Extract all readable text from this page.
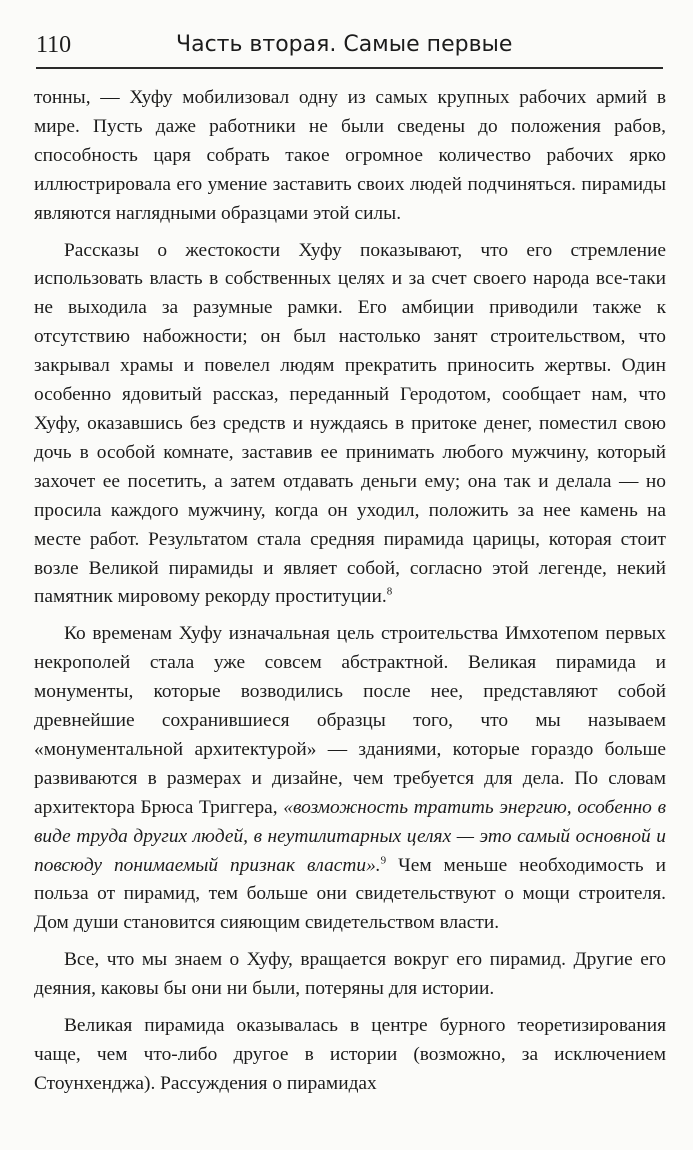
110	Часть вторая. Самые первые

тонны, — Хуфу мобилизовал одну из самых крупных рабочих армий в мире. Пусть даже работники не были сведены до положения рабов, способность царя собрать такое огромное количество рабочих ярко иллюстрировала его умение заставить своих людей подчиняться. пирамиды являются наглядными образцами этой силы.

Рассказы о жестокости Хуфу показывают, что его стремление использовать власть в собственных целях и за счет своего народа все-таки не выходила за разумные рамки. Его амбиции приводили также к отсутствию набожности; он был настолько занят строительством, что закрывал храмы и повелел людям прекратить приносить жертвы. Один особенно ядовитый рассказ, переданный Геродотом, сообщает нам, что Хуфу, оказавшись без средств и нуждаясь в притоке денег, поместил свою дочь в особой комнате, заставив ее принимать любого мужчину, который захочет ее посетить, а затем отдавать деньги ему; она так и делала — но просила каждого мужчину, когда он уходил, положить за нее камень на месте работ. Результатом стала средняя пирамида царицы, которая стоит возле Великой пирамиды и являет собой, согласно этой легенде, некий памятник мировому рекорду проституции.$^8$

Ко временам Хуфу изначальная цель строительства Имхотепом первых некрополей стала уже совсем абстрактной. Великая пирамида и монументы, которые возводились после нее, представляют собой древнейшие сохранившиеся образцы того, что мы называем «монументальной архитектурой» — зданиями, которые гораздо больше развиваются в размерах и дизайне, чем требуется для дела. По словам архитектора Брюса Триггера, «возможность тратить энергию, особенно в виде труда других людей, в неутилитарных целях — это самый основной и повсюду понимаемый признак власти».$^9$ Чем меньше необходимость и польза от пирамид, тем больше они свидетельствуют о мощи строителя. Дом души становится сияющим свидетельством власти.

Все, что мы знаем о Хуфу, вращается вокруг его пирамид. Другие его деяния, каковы бы они ни были, потеряны для истории.

Великая пирамида оказывалась в центре бурного теоретизирования чаще, чем что-либо другое в истории (возможно, за исключением Стоунхенджа). Рассуждения о пирамидах
